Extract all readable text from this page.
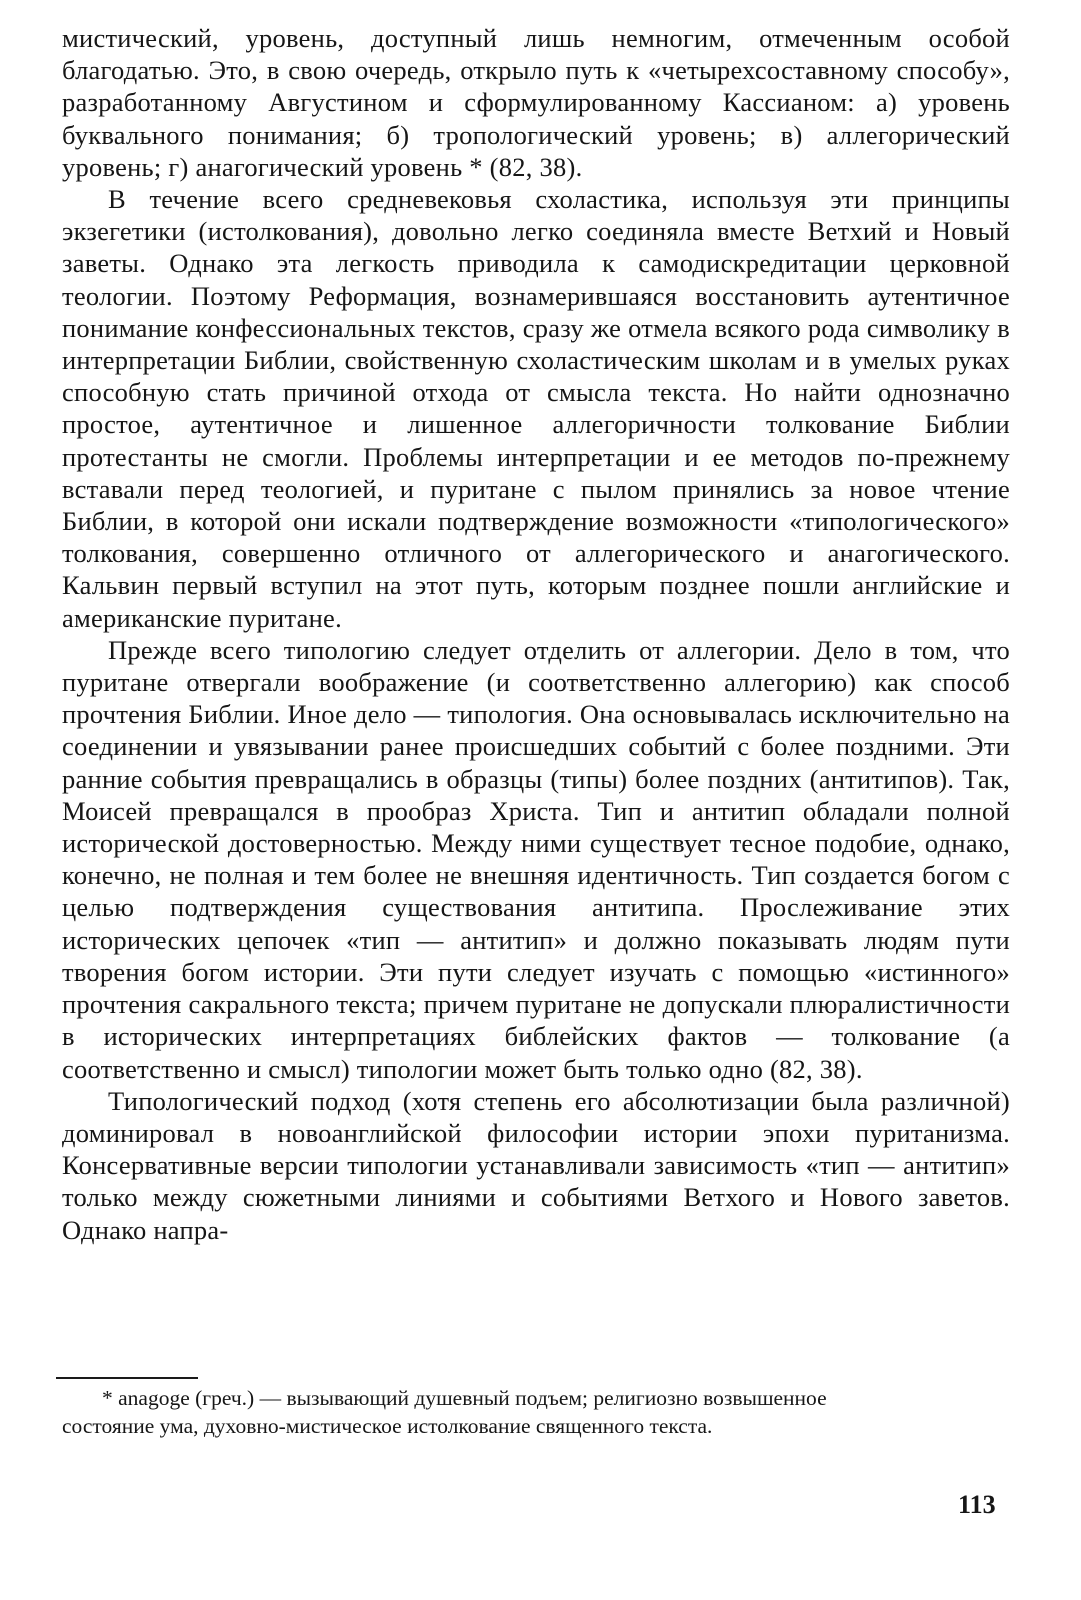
мистический, уровень, доступный лишь немногим, отмеченным особой благодатью. Это, в свою очередь, открыло путь к «четырехсоставному способу», разработанному Августином и сформулированному Кассианом: а) уровень буквального понимания; б) тропологический уровень; в) аллегорический уровень; г) анагогический уровень * (82, 38).

В течение всего средневековья схоластика, используя эти принципы экзегетики (истолкования), довольно легко соединяла вместе Ветхий и Новый заветы. Однако эта легкость приводила к самодискредитации церковной теологии. Поэтому Реформация, вознамерившаяся восстановить аутентичное понимание конфессиональных текстов, сразу же отмела всякого рода символику в интерпретации Библии, свойственную схоластическим школам и в умелых руках способную стать причиной отхода от смысла текста. Но найти однозначно простое, аутентичное и лишенное аллегоричности толкование Библии протестанты не смогли. Проблемы интерпретации и ее методов по-прежнему вставали перед теологией, и пуритане с пылом принялись за новое чтение Библии, в которой они искали подтверждение возможности «типологического» толкования, совершенно отличного от аллегорического и анагогического. Кальвин первый вступил на этот путь, которым позднее пошли английские и американские пуритане.

Прежде всего типологию следует отделить от аллегории. Дело в том, что пуритане отвергали воображение (и соответственно аллегорию) как способ прочтения Библии. Иное дело — типология. Она основывалась исключительно на соединении и увязывании ранее происшедших событий с более поздними. Эти ранние события превращались в образцы (типы) более поздних (антитипов). Так, Моисей превращался в прообраз Христа. Тип и антитип обладали полной исторической достоверностью. Между ними существует тесное подобие, однако, конечно, не полная и тем более не внешняя идентичность. Тип создается богом с целью подтверждения существования антитипа. Прослеживание этих исторических цепочек «тип — антитип» и должно показывать людям пути творения богом истории. Эти пути следует изучать с помощью «истинного» прочтения сакрального текста; причем пуритане не допускали плюралистичности в исторических интерпретациях библейских фактов — толкование (а соответственно и смысл) типологии может быть только одно (82, 38).

Типологический подход (хотя степень его абсолютизации была различной) доминировал в новоанглийской философии истории эпохи пуританизма. Консервативные версии типологии устанавливали зависимость «тип — антитип» только между сюжетными линиями и событиями Ветхого и Нового заветов. Однако напра-

* anagoge (греч.) — вызывающий душевный подъем; религиозно возвышенное
состояние ума, духовно-мистическое истолкование священного текста.
113
